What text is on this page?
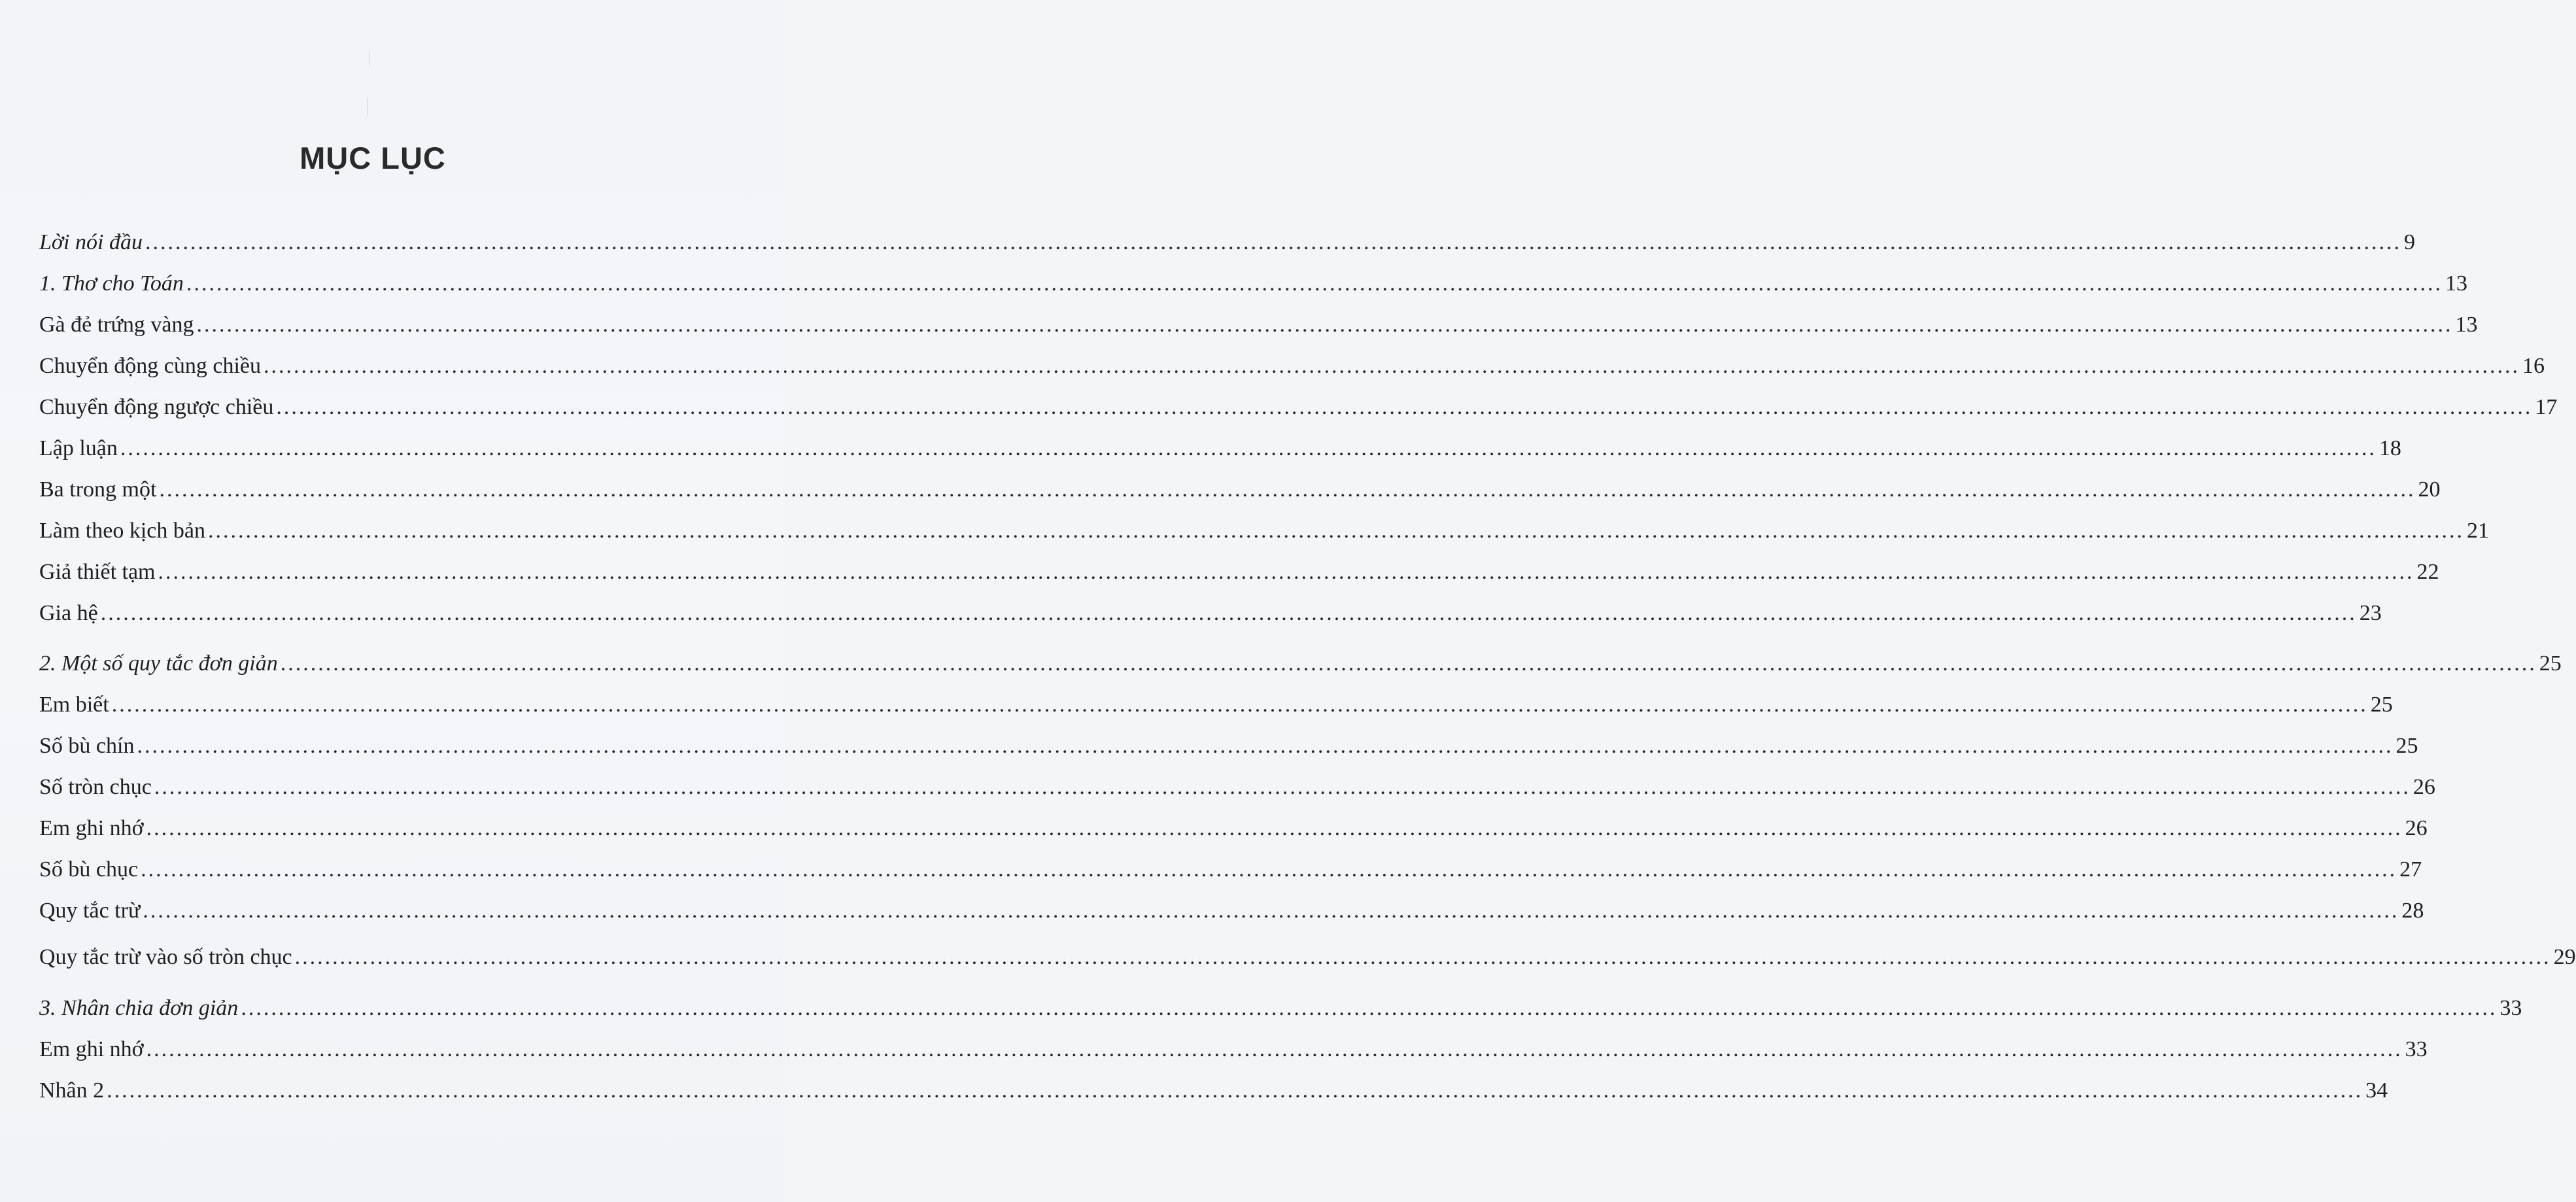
MỤC LỤC
Lời nói đầu ............................................................................................................................................................................................................................................................................................................ 9
1. Thơ cho Toán ............................................................................................................................................................................................................................................................................................................ 13
Gà đẻ trứng vàng ............................................................................................................................................................................................................................................................................................................ 13
Chuyển động cùng chiều ............................................................................................................................................................................................................................................................................................................ 16
Chuyển động ngược chiều ............................................................................................................................................................................................................................................................................................................ 17
Lập luận ............................................................................................................................................................................................................................................................................................................ 18
Ba trong một ............................................................................................................................................................................................................................................................................................................ 20
Làm theo kịch bản ............................................................................................................................................................................................................................................................................................................ 21
Giả thiết tạm ............................................................................................................................................................................................................................................................................................................ 22
Gia hệ ............................................................................................................................................................................................................................................................................................................ 23
2. Một số quy tắc đơn giản ............................................................................................................................................................................................................................................................................................................ 25
Em biết ............................................................................................................................................................................................................................................................................................................ 25
Số bù chín ............................................................................................................................................................................................................................................................................................................ 25
Số tròn chục ............................................................................................................................................................................................................................................................................................................ 26
Em ghi nhớ ............................................................................................................................................................................................................................................................................................................ 26
Số bù chục ............................................................................................................................................................................................................................................................................................................ 27
Quy tắc trừ ............................................................................................................................................................................................................................................................................................................ 28
Quy tắc trừ vào số tròn chục ............................................................................................................................................................................................................................................................................................................ 29
3. Nhân chia đơn giản ............................................................................................................................................................................................................................................................................................................ 33
Em ghi nhớ ............................................................................................................................................................................................................................................................................................................ 33
Nhân 2 ............................................................................................................................................................................................................................................................................................................ 34
